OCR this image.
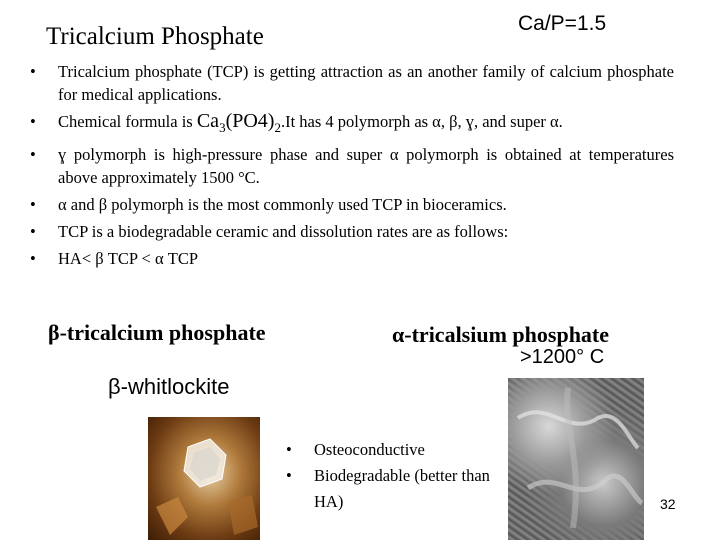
Tricalcium Phosphate	Ca/P=1.5
• Tricalcium phosphate (TCP) is getting attraction as an another family of calcium phosphate for medical applications.
• Chemical formula is $Ca_3(PO4)_2.It$ has 4 polymorph as α, β, ɣ, and super α.
• ɣ polymorph is high-pressure phase and super α polymorph is obtained at temperatures above approximately 1500 °C.
• α and β polymorph is the most commonly used TCP in bioceramics.
• TCP is a biodegradable ceramic and dissolution rates are as follows:
• HA< β TCP < α TCP
β-tricalcium phosphate	α-tricalsium phosphate
>1200° C
β-whitlockite
• Osteoconductive
• Biodegradable (better than HA)	32
